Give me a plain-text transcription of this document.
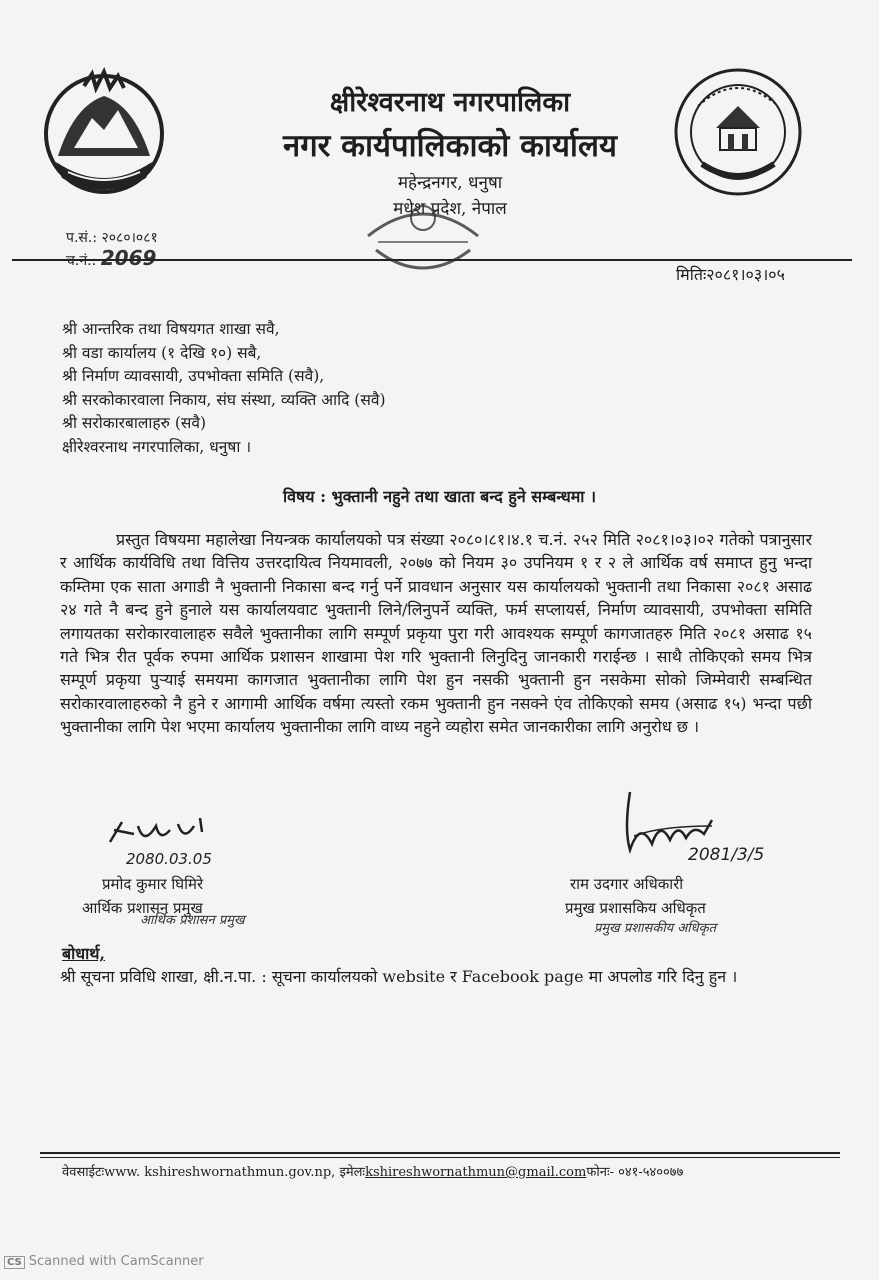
क्षीरेश्वरनाथ नगरपालिका
नगर कार्यपालिकाको कार्यालय
महेन्द्रनगर, धनुषा
मधेश प्रदेश, नेपाल
प.सं.: २०८०।०८१
च.नं.: 2069
मितिः२०८१।०३।०५
श्री आन्तरिक तथा विषयगत शाखा सवै,
श्री वडा कार्यालय (१ देखि १०) सबै,
श्री निर्माण व्यावसायी, उपभोक्ता समिति (सवै),
श्री सरकोकारवाला निकाय, संघ संस्था, व्यक्ति आदि (सवै)
श्री सरोकारबालाहरु (सवै)
क्षीरेश्वरनाथ नगरपालिका, धनुषा ।
विषय : भुक्तानी नहुने तथा खाता बन्द हुने सम्बन्धमा ।

प्रस्तुत विषयमा महालेखा नियन्त्रक कार्यालयको पत्र संख्या २०८०।८१।४.१ च.नं. २५२ मिति २०८१।०३।०२ गतेको पत्रानुसार र आर्थिक कार्यविधि तथा वित्तिय उत्तरदायित्व नियमावली, २०७७ को नियम ३० उपनियम १ र २ ले आर्थिक वर्ष समाप्त हुनु भन्दा कम्तिमा एक साता अगाडी नै भुक्तानी निकासा बन्द गर्नु पर्ने प्रावधान अनुसार यस कार्यालयको भुक्तानी तथा निकासा २०८१ असाढ २४ गते नै बन्द हुने हुनाले यस कार्यालयवाट भुक्तानी लिने/लिनुपर्ने व्यक्ति, फर्म सप्लायर्स, निर्माण व्यावसायी, उपभोक्ता समिति लगायतका सरोकारवालाहरु सवैले भुक्तानीका लागि सम्पूर्ण प्रकृया पुरा गरी आवश्यक सम्पूर्ण कागजातहरु मिति २०८१ असाढ १५ गते भित्र रीत पूर्वक रुपमा आर्थिक प्रशासन शाखामा पेश गरि भुक्तानी लिनुदिनु जानकारी गराईन्छ । साथै तोकिएको समय भित्र सम्पूर्ण प्रकृया पुऱ्याई समयमा कागजात भुक्तानीका लागि पेश हुन नसकी भुक्तानी हुन नसकेमा सोको जिम्मेवारी सम्बन्धित सरोकारवालाहरुको नै हुने र आगामी आर्थिक वर्षमा त्यस्तो रकम भुक्तानी हुन नसक्ने एंव तोकिएको समय (असाढ १५) भन्दा पछी भुक्तानीका लागि पेश भएमा कार्यालय भुक्तानीका लागि वाध्य नहुने व्यहोरा समेत जानकारीका लागि अनुरोध छ ।

2080.03.05
प्रमोद कुमार घिमिरे
आर्थिक प्रशासन प्रमुख
आर्थिक प्रशासन प्रमुख
2081/3/5
राम उदगार अधिकारी
प्रमुख प्रशासकिय अधिकृत
प्रमुख प्रशासकीय अधिकृत
बोधार्थ,
श्री सूचना प्रविधि शाखा, क्षी.न.पा. : सूचना कार्यालयको website र Facebook page मा अपलोड गरि दिनु हुन ।
वेवसाईटःwww. kshireshwornathmun.gov.np, इमेलःkshireshwornathmun@gmail.comफोनः- ०४१-५४००७७
CS Scanned with CamScanner
